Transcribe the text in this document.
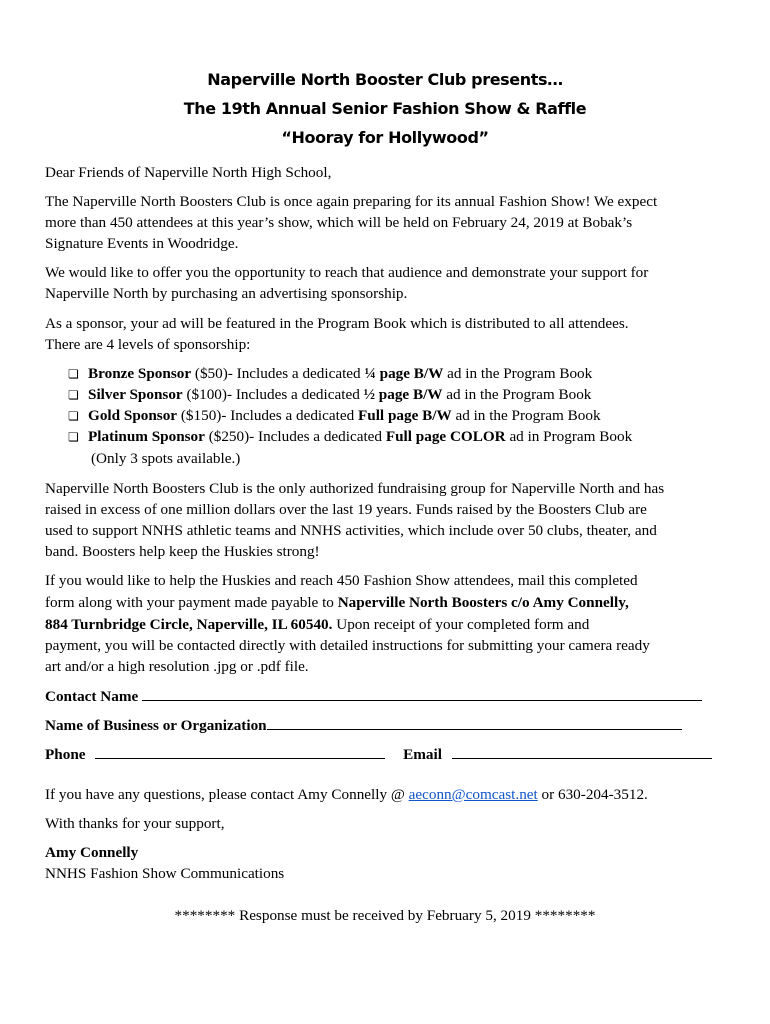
Naperville North Booster Club presents…
The 19th Annual Senior Fashion Show & Raffle
“Hooray for Hollywood”
Dear Friends of Naperville North High School,
The Naperville North Boosters Club is once again preparing for its annual Fashion Show! We expect
more than 450 attendees at this year’s show, which will be held on February 24, 2019 at Bobak’s
Signature Events in Woodridge.
We would like to offer you the opportunity to reach that audience and demonstrate your support for
Naperville North by purchasing an advertising sponsorship.
As a sponsor, your ad will be featured in the Program Book which is distributed to all attendees.
There are 4 levels of sponsorship:
❏ Bronze Sponsor ($50)- Includes a dedicated ¼ page B/W ad in the Program Book
❏ Silver Sponsor ($100)- Includes a dedicated ½ page B/W ad in the Program Book
❏ Gold Sponsor ($150)- Includes a dedicated Full page B/W ad in the Program Book
❏ Platinum Sponsor ($250)- Includes a dedicated Full page COLOR ad in Program Book
(Only 3 spots available.)
Naperville North Boosters Club is the only authorized fundraising group for Naperville North and has
raised in excess of one million dollars over the last 19 years. Funds raised by the Boosters Club are
used to support NNHS athletic teams and NNHS activities, which include over 50 clubs, theater, and
band. Boosters help keep the Huskies strong!
If you would like to help the Huskies and reach 450 Fashion Show attendees, mail this completed
form along with your payment made payable to Naperville North Boosters c/o Amy Connelly,
884 Turnbridge Circle, Naperville, IL 60540. Upon receipt of your completed form and
payment, you will be contacted directly with detailed instructions for submitting your camera ready
art and/or a high resolution .jpg or .pdf file.
Contact Name
Name of Business or Organization
Phone	Email
If you have any questions, please contact Amy Connelly @ aeconn@comcast.net or 630-204-3512.
With thanks for your support,
Amy Connelly
NNHS Fashion Show Communications
******** Response must be received by February 5, 2019 ********
